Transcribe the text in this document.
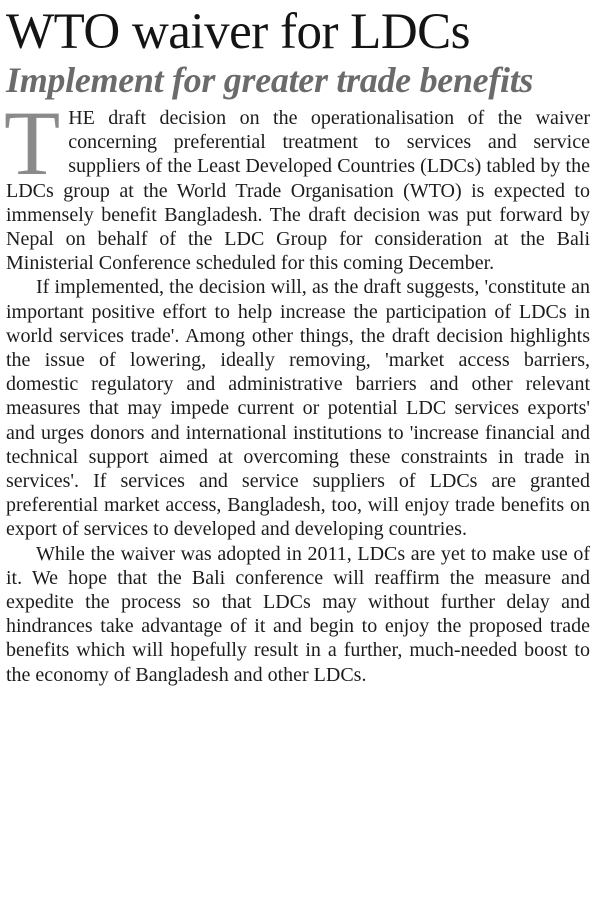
WTO waiver for LDCs
Implement for greater trade benefits

THE draft decision on the operationalisation of the waiver concerning preferential treatment to services and service suppliers of the Least Developed Countries (LDCs) tabled by the LDCs group at the World Trade Organisation (WTO) is expected to immensely benefit Bangladesh. The draft decision was put forward by Nepal on behalf of the LDC Group for consideration at the Bali Ministerial Conference scheduled for this coming December.

If implemented, the decision will, as the draft suggests, 'constitute an important positive effort to help increase the participation of LDCs in world services trade'. Among other things, the draft decision highlights the issue of lowering, ideally removing, 'market access barriers, domestic regulatory and administrative barriers and other relevant measures that may impede current or potential LDC services exports' and urges donors and international institutions to 'increase financial and technical support aimed at overcoming these constraints in trade in services'. If services and service suppliers of LDCs are granted preferential market access, Bangladesh, too, will enjoy trade benefits on export of services to developed and developing countries.

While the waiver was adopted in 2011, LDCs are yet to make use of it. We hope that the Bali conference will reaffirm the measure and expedite the process so that LDCs may without further delay and hindrances take advantage of it and begin to enjoy the proposed trade benefits which will hopefully result in a further, much-needed boost to the economy of Bangladesh and other LDCs.
